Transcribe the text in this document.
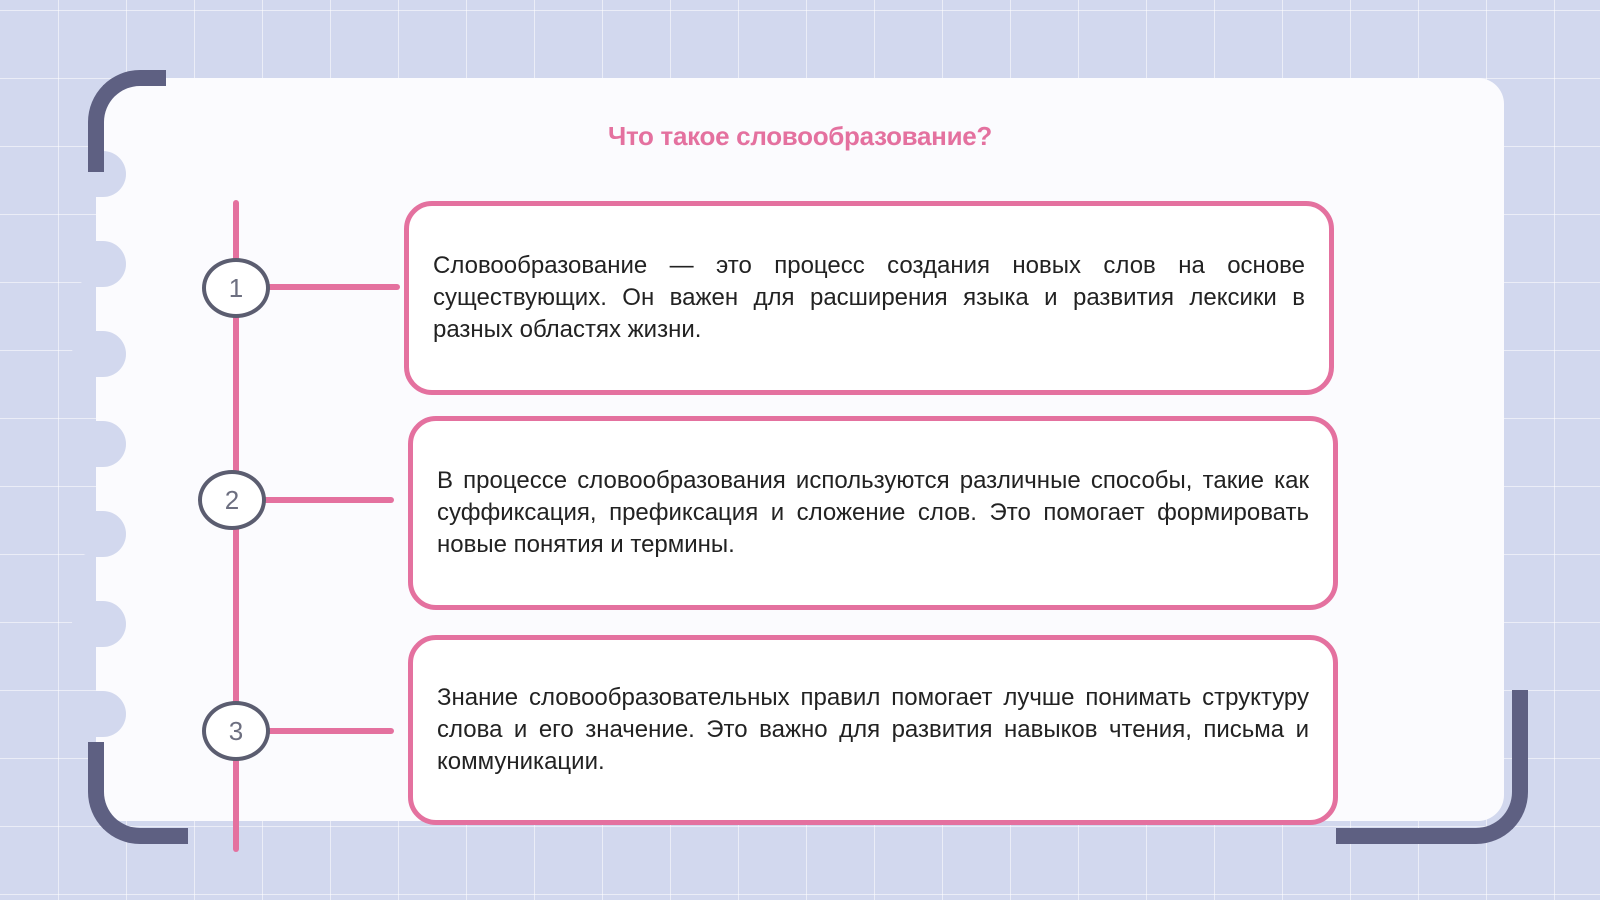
Что такое словообразование?
1
2
3

Словообразование — это процесс создания новых слов на основе существующих. Он важен для расширения языка и развития лексики в разных областях жизни.

В процессе словообразования используются различные способы, такие как суффиксация, префиксация и сложение слов. Это помогает формировать новые понятия и термины.

Знание словообразовательных правил помогает лучше понимать структуру слова и его значение. Это важно для развития навыков чтения, письма и коммуникации.
